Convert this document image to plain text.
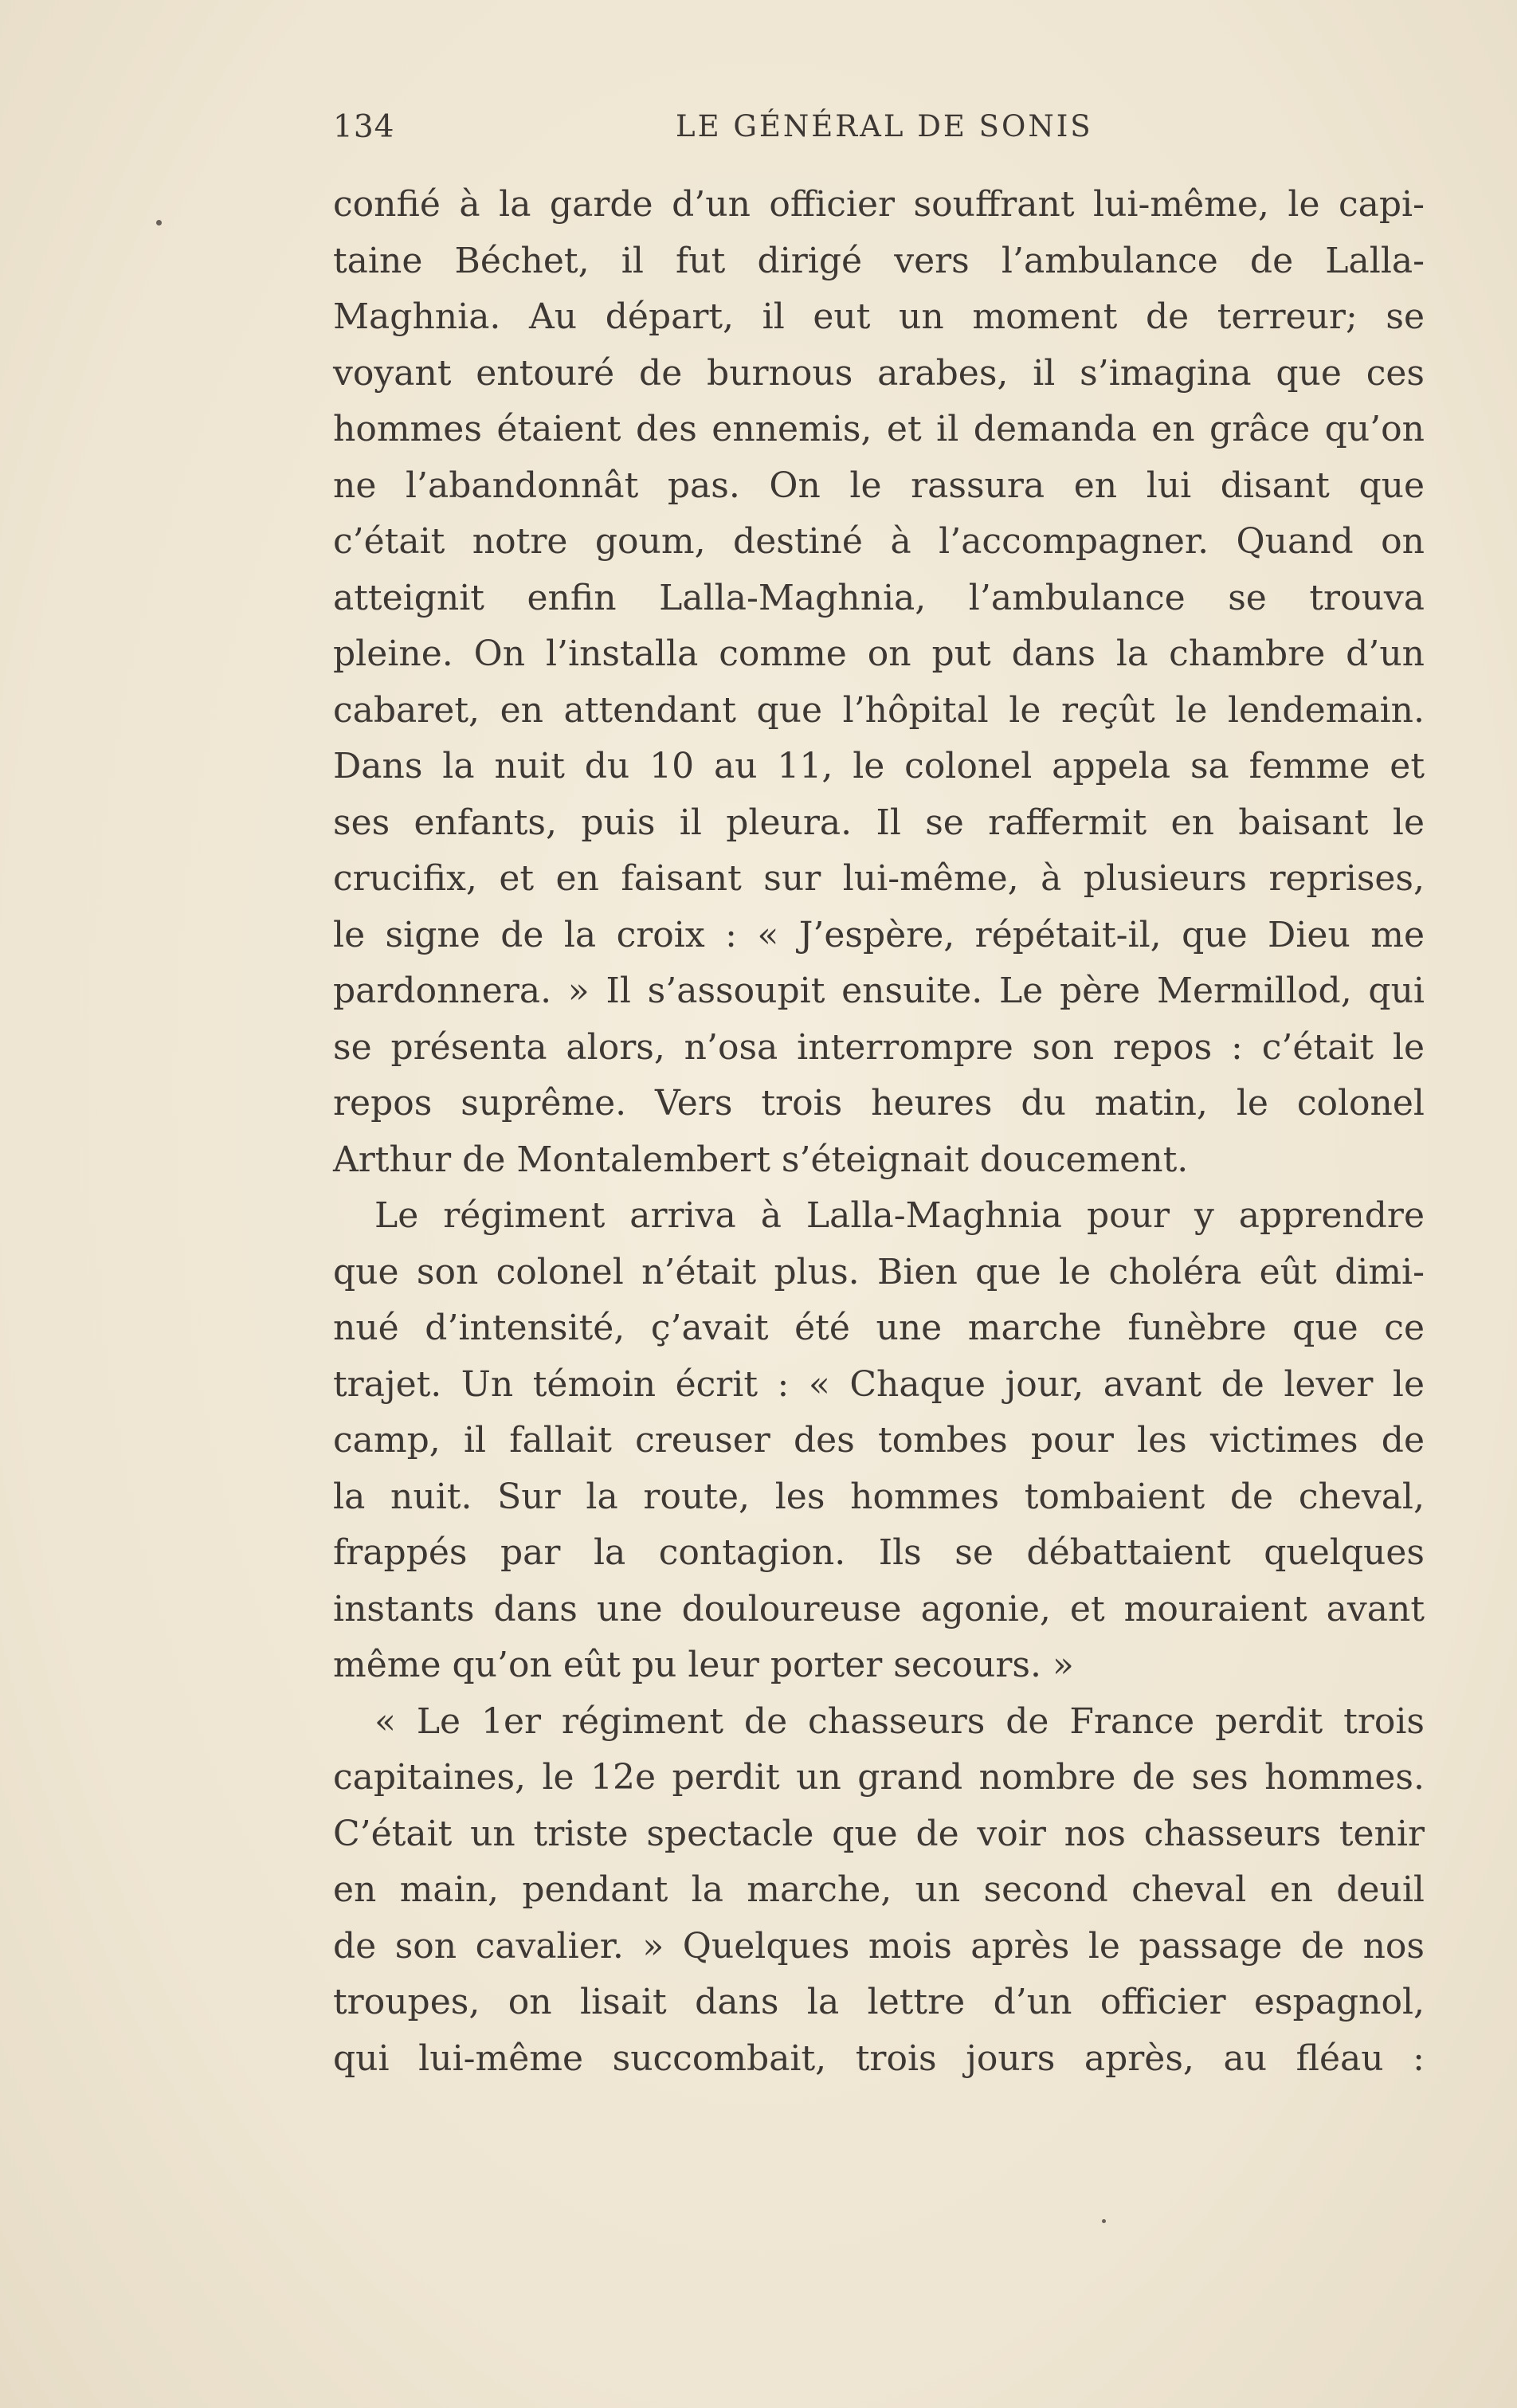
134	LE GÉNÉRAL DE SONIS
confié à la garde d’un officier souffrant lui-même, le capi-
taine Béchet, il fut dirigé vers l’ambulance de Lalla-
Maghnia. Au départ, il eut un moment de terreur; se
voyant entouré de burnous arabes, il s’imagina que ces
hommes étaient des ennemis, et il demanda en grâce qu’on
ne l’abandonnât pas. On le rassura en lui disant que
c’était notre goum, destiné à l’accompagner. Quand on
atteignit enfin Lalla-Maghnia, l’ambulance se trouva
pleine. On l’installa comme on put dans la chambre d’un
cabaret, en attendant que l’hôpital le reçût le lendemain.
Dans la nuit du 10 au 11, le colonel appela sa femme et
ses enfants, puis il pleura. Il se raffermit en baisant le
crucifix, et en faisant sur lui-même, à plusieurs reprises,
le signe de la croix : « J’espère, répétait-il, que Dieu me
pardonnera. » Il s’assoupit ensuite. Le père Mermillod, qui
se présenta alors, n’osa interrompre son repos : c’était le
repos suprême. Vers trois heures du matin, le colonel
Arthur de Montalembert s’éteignait doucement.
Le régiment arriva à Lalla-Maghnia pour y apprendre
que son colonel n’était plus. Bien que le choléra eût dimi-
nué d’intensité, ç’avait été une marche funèbre que ce
trajet. Un témoin écrit : « Chaque jour, avant de lever le
camp, il fallait creuser des tombes pour les victimes de
la nuit. Sur la route, les hommes tombaient de cheval,
frappés par la contagion. Ils se débattaient quelques
instants dans une douloureuse agonie, et mouraient avant
même qu’on eût pu leur porter secours. »
« Le 1er régiment de chasseurs de France perdit trois
capitaines, le 12e perdit un grand nombre de ses hommes.
C’était un triste spectacle que de voir nos chasseurs tenir
en main, pendant la marche, un second cheval en deuil
de son cavalier. » Quelques mois après le passage de nos
troupes, on lisait dans la lettre d’un officier espagnol,
qui lui-même succombait, trois jours après, au fléau :
